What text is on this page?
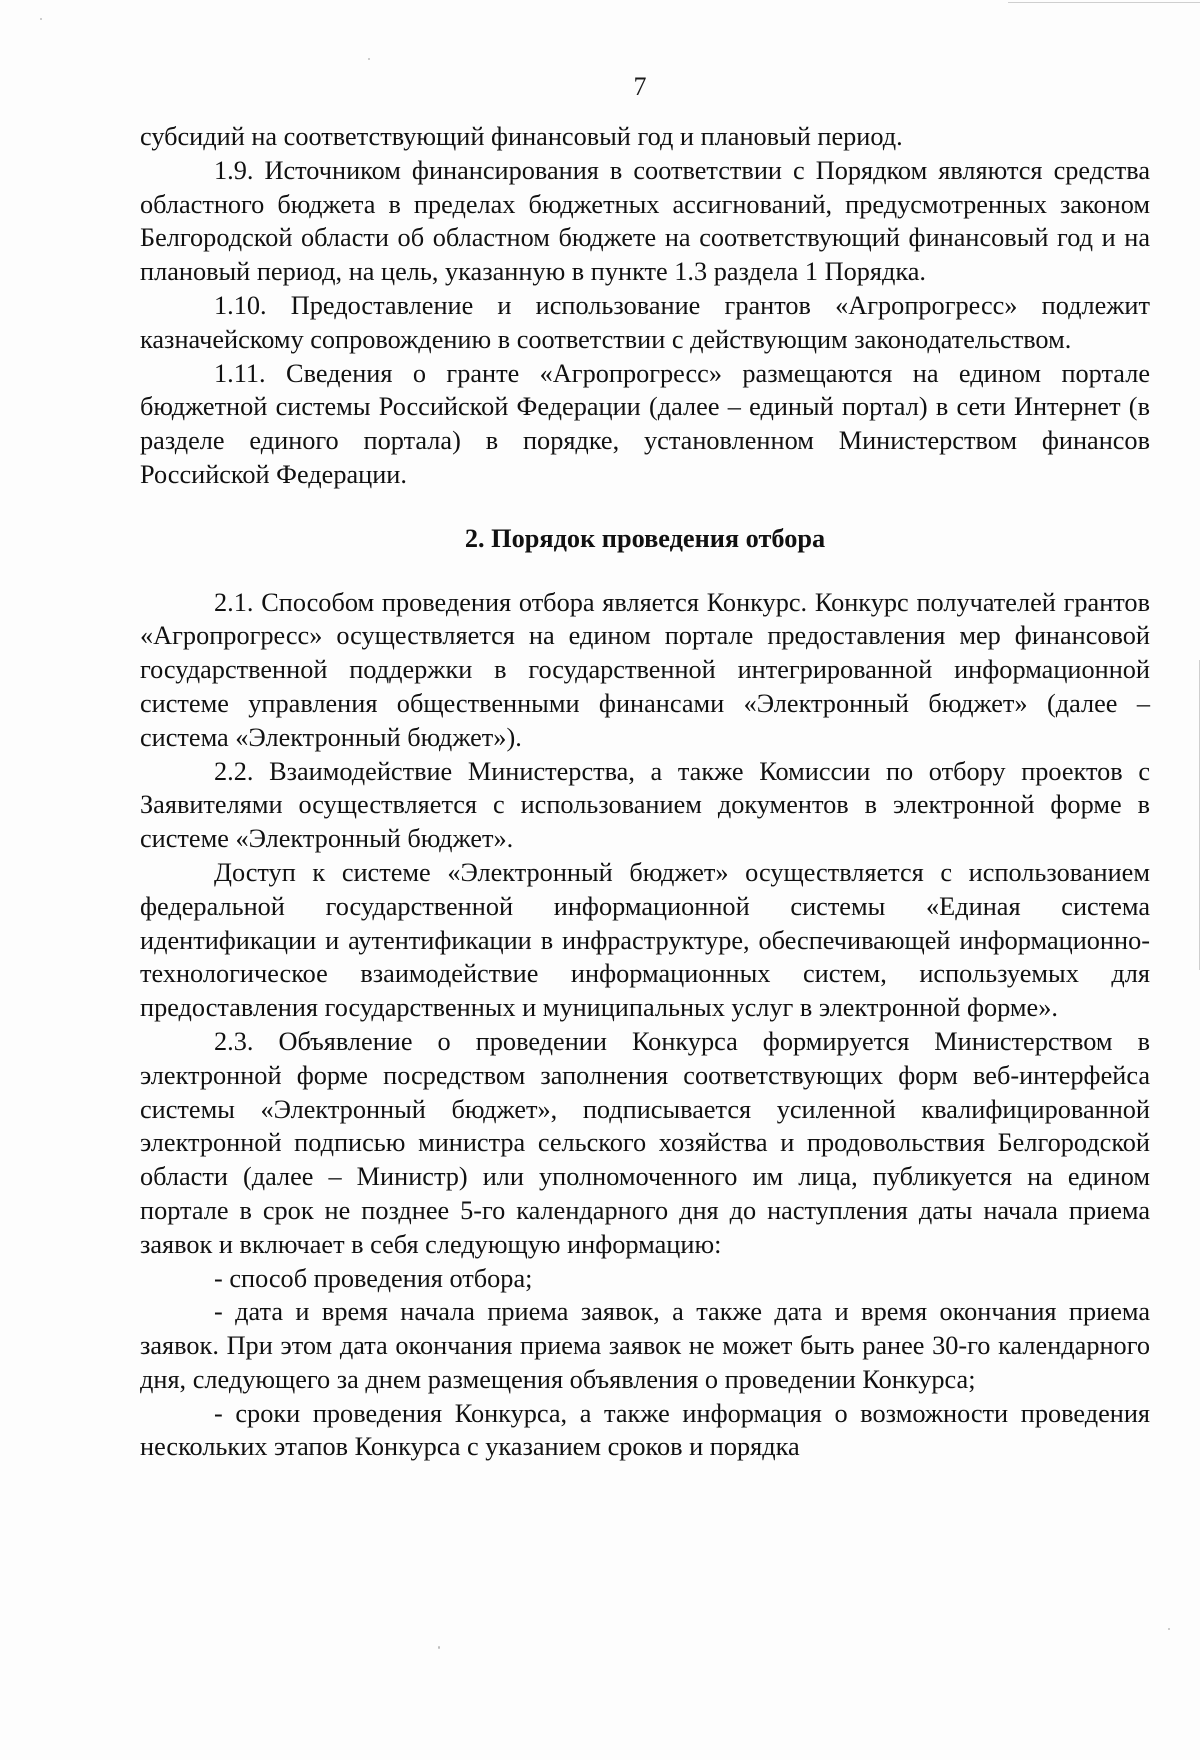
7

субсидий на соответствующий финансовый год и плановый период.

1.9. Источником финансирования в соответствии с Порядком являются средства областного бюджета в пределах бюджетных ассигнований, предусмотренных законом Белгородской области об областном бюджете на соответствующий финансовый год и на плановый период, на цель, указанную в пункте 1.3 раздела 1 Порядка.

1.10. Предоставление и использование грантов «Агропрогресс» подлежит казначейскому сопровождению в соответствии с действующим законодательством.

1.11. Сведения о гранте «Агропрогресс» размещаются на едином портале бюджетной системы Российской Федерации (далее – единый портал) в сети Интернет (в разделе единого портала) в порядке, установленном Министерством финансов Российской Федерации.

2. Порядок проведения отбора

2.1. Способом проведения отбора является Конкурс. Конкурс получателей грантов «Агропрогресс» осуществляется на едином портале предоставления мер финансовой государственной поддержки в государственной интегрированной информационной системе управления общественными финансами «Электронный бюджет» (далее – система «Электронный бюджет»).

2.2. Взаимодействие Министерства, а также Комиссии по отбору проектов с Заявителями осуществляется с использованием документов в электронной форме в системе «Электронный бюджет».

Доступ к системе «Электронный бюджет» осуществляется с использованием федеральной государственной информационной системы «Единая система идентификации и аутентификации в инфраструктуре, обеспечивающей информационно-технологическое взаимодействие информационных систем, используемых для предоставления государственных и муниципальных услуг в электронной форме».

2.3. Объявление о проведении Конкурса формируется Министерством в электронной форме посредством заполнения соответствующих форм веб-интерфейса системы «Электронный бюджет», подписывается усиленной квалифицированной электронной подписью министра сельского хозяйства и продовольствия Белгородской области (далее – Министр) или уполномоченного им лица, публикуется на едином портале в срок не позднее 5-го календарного дня до наступления даты начала приема заявок и включает в себя следующую информацию:

- способ проведения отбора;

- дата и время начала приема заявок, а также дата и время окончания приема заявок. При этом дата окончания приема заявок не может быть ранее 30-го календарного дня, следующего за днем размещения объявления о проведении Конкурса;

- сроки проведения Конкурса, а также информация о возможности проведения нескольких этапов Конкурса с указанием сроков и порядка
